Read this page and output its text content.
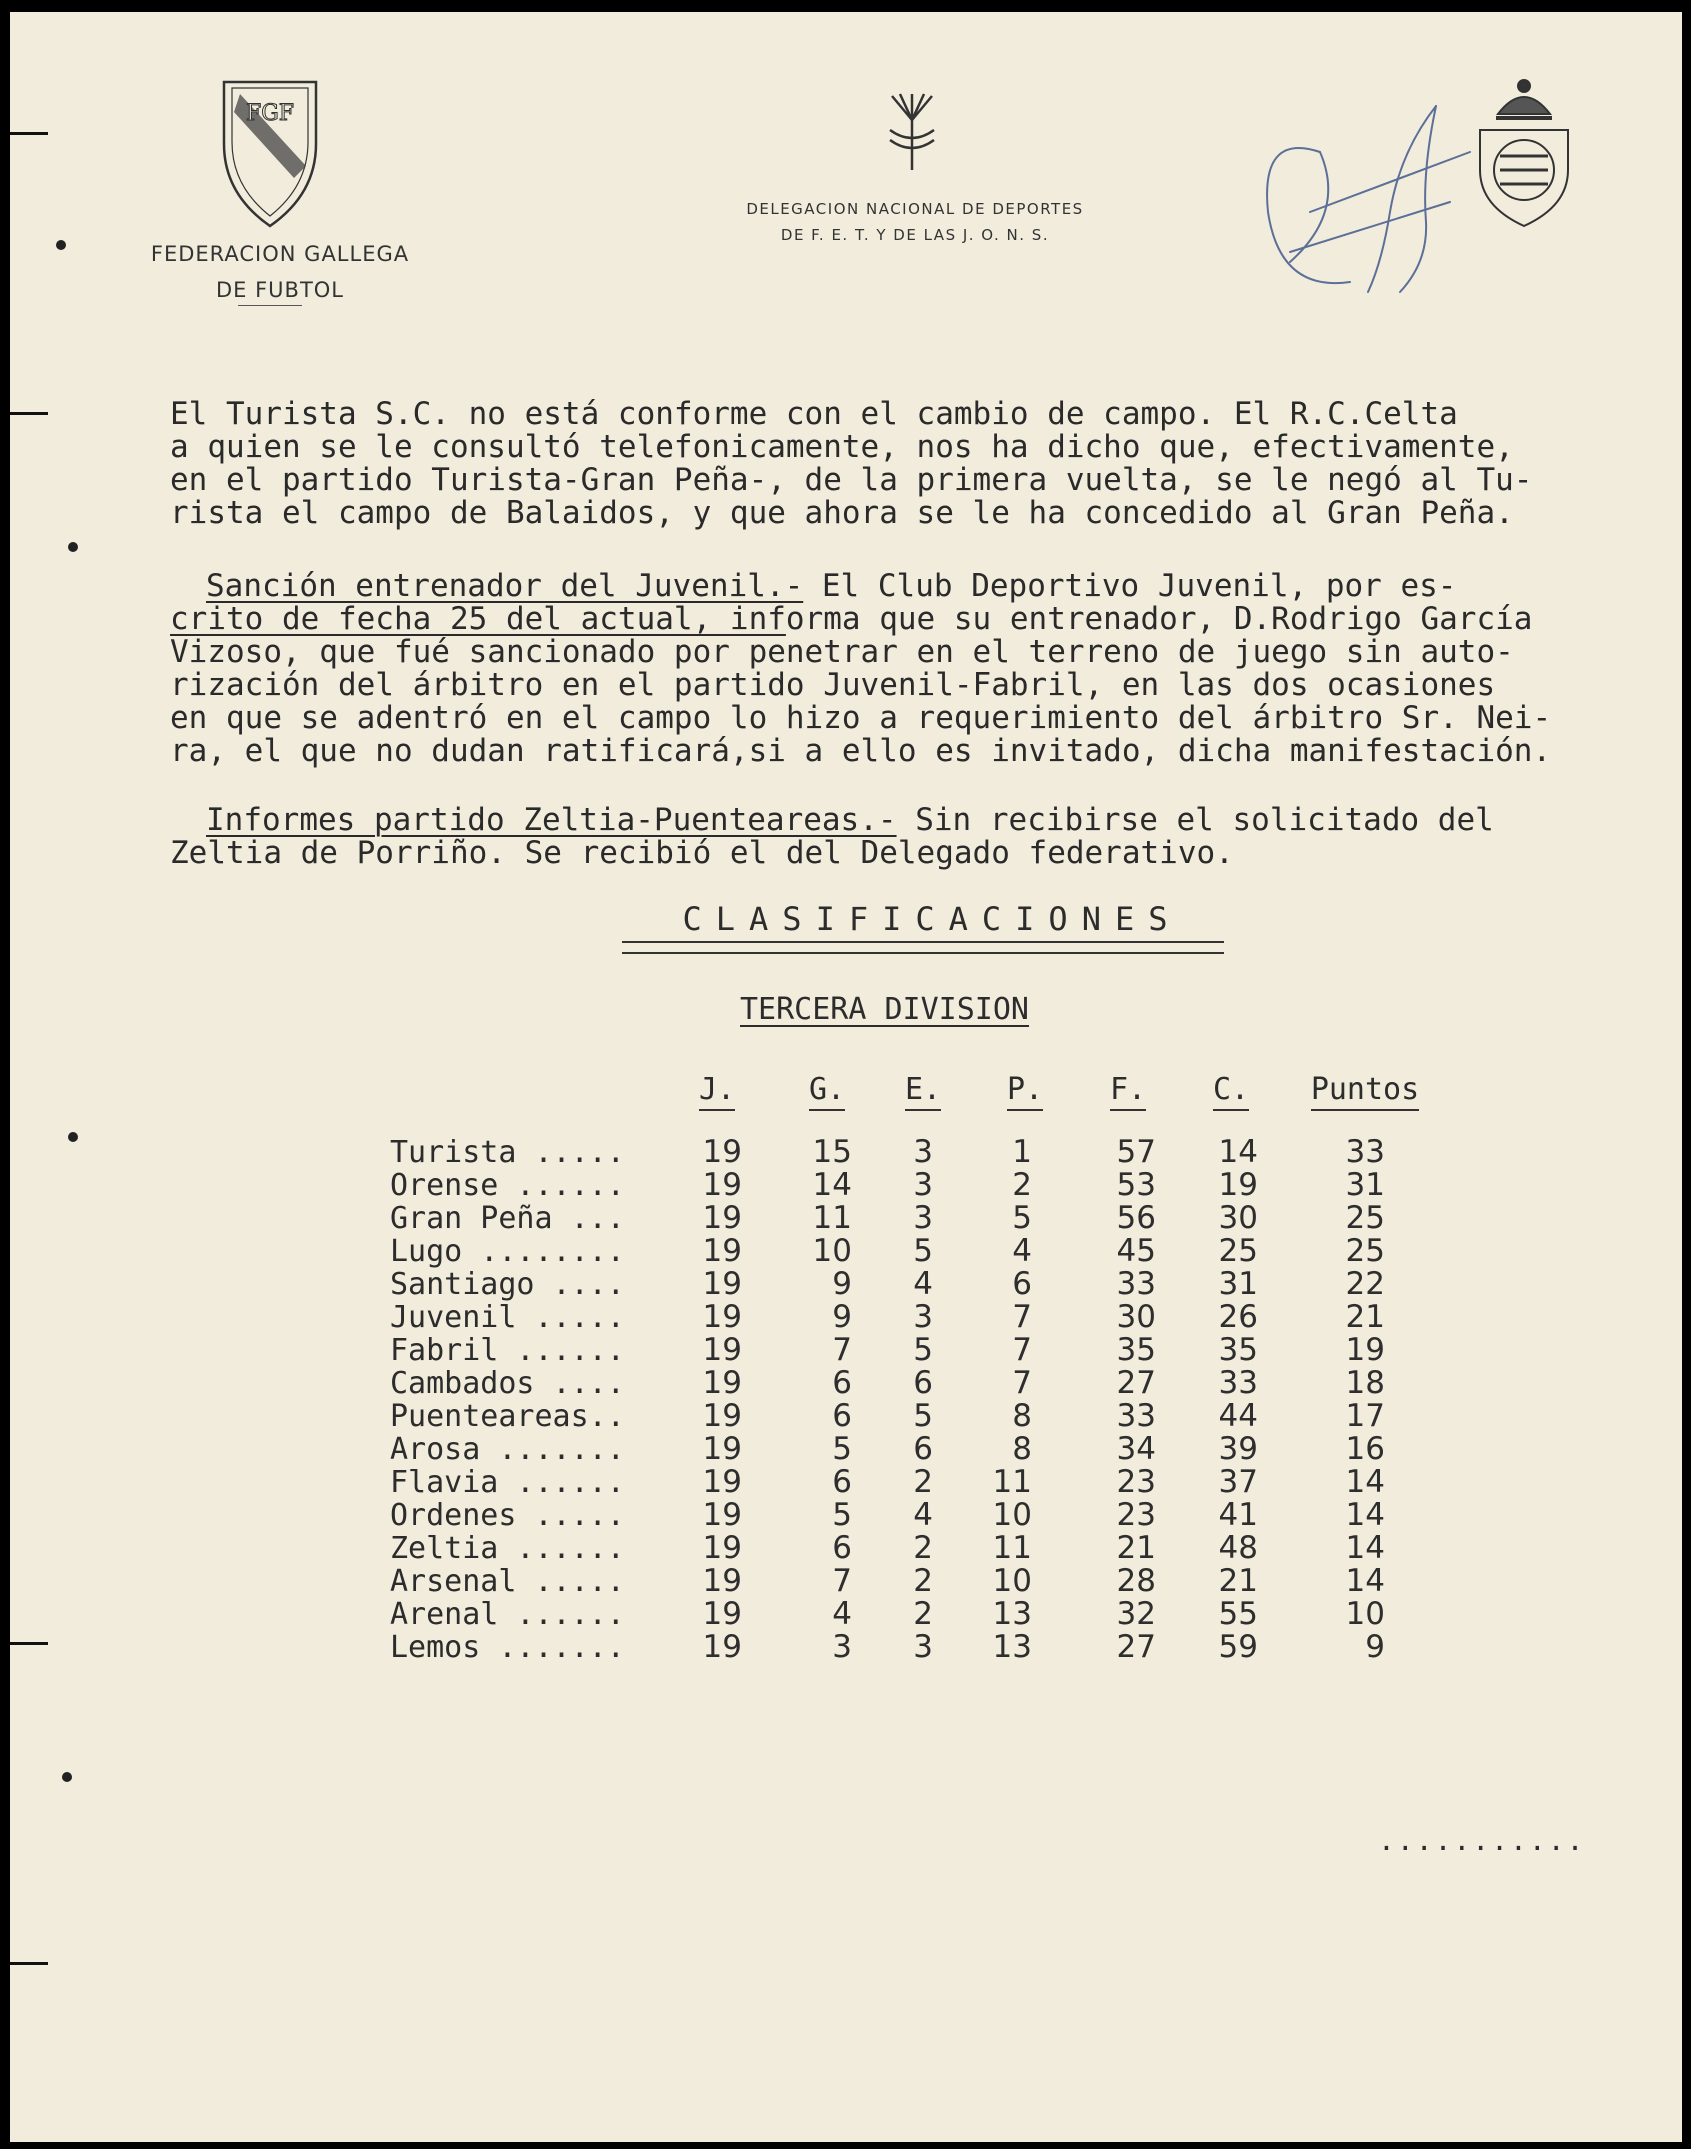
FGF
FEDERACION GALLEGA
DE FUBTOL
DELEGACION NACIONAL DE DEPORTES
DE F. E. T. Y DE LAS J. O. N. S.
El Turista S.C. no está conforme con el cambio de campo. El R.C.Celta
a quien se le consultó telefonicamente, nos ha dicho que, efectivamente,
en el partido Turista-Gran Peña-, de la primera vuelta, se le negó al Tu-
rista el campo de Balaidos, y que ahora se le ha concedido al Gran Peña.
Sanción entrenador del Juvenil.- El Club Deportivo Juvenil, por es-
crito de fecha 25 del actual, informa que su entrenador, D.Rodrigo García
Vizoso, que fué sancionado por penetrar en el terreno de juego sin auto-
rización del árbitro en el partido Juvenil-Fabril, en las dos ocasiones
en que se adentró en el campo lo hizo a requerimiento del árbitro Sr. Nei-
ra, el que no dudan ratificará,si a ello es invitado, dicha manifestación.
Informes partido Zeltia-Puenteareas.- Sin recibirse el solicitado del
Zeltia de Porriño. Se recibió el del Delegado federativo.
CLASIFICACIONES
TERCERA DIVISION
J.	G.	E.	P.	F.	C.	Puntos
Turista .....	19	15	3	1	57	14	33
Orense ......	19	14	3	2	53	19	31
Gran Peña ...	19	11	3	5	56	30	25
Lugo ........	19	10	5	4	45	25	25
Santiago ....	19	9	4	6	33	31	22
Juvenil .....	19	9	3	7	30	26	21
Fabril ......	19	7	5	7	35	35	19
Cambados ....	19	6	6	7	27	33	18
Puenteareas..	19	6	5	8	33	44	17
Arosa .......	19	5	6	8	34	39	16
Flavia ......	19	6	2	11	23	37	14
Ordenes .....	19	5	4	10	23	41	14
Zeltia ......	19	6	2	11	21	48	14
Arsenal .....	19	7	2	10	28	21	14
Arenal ......	19	4	2	13	32	55	10
Lemos .......	19	3	3	13	27	59	9
...........
